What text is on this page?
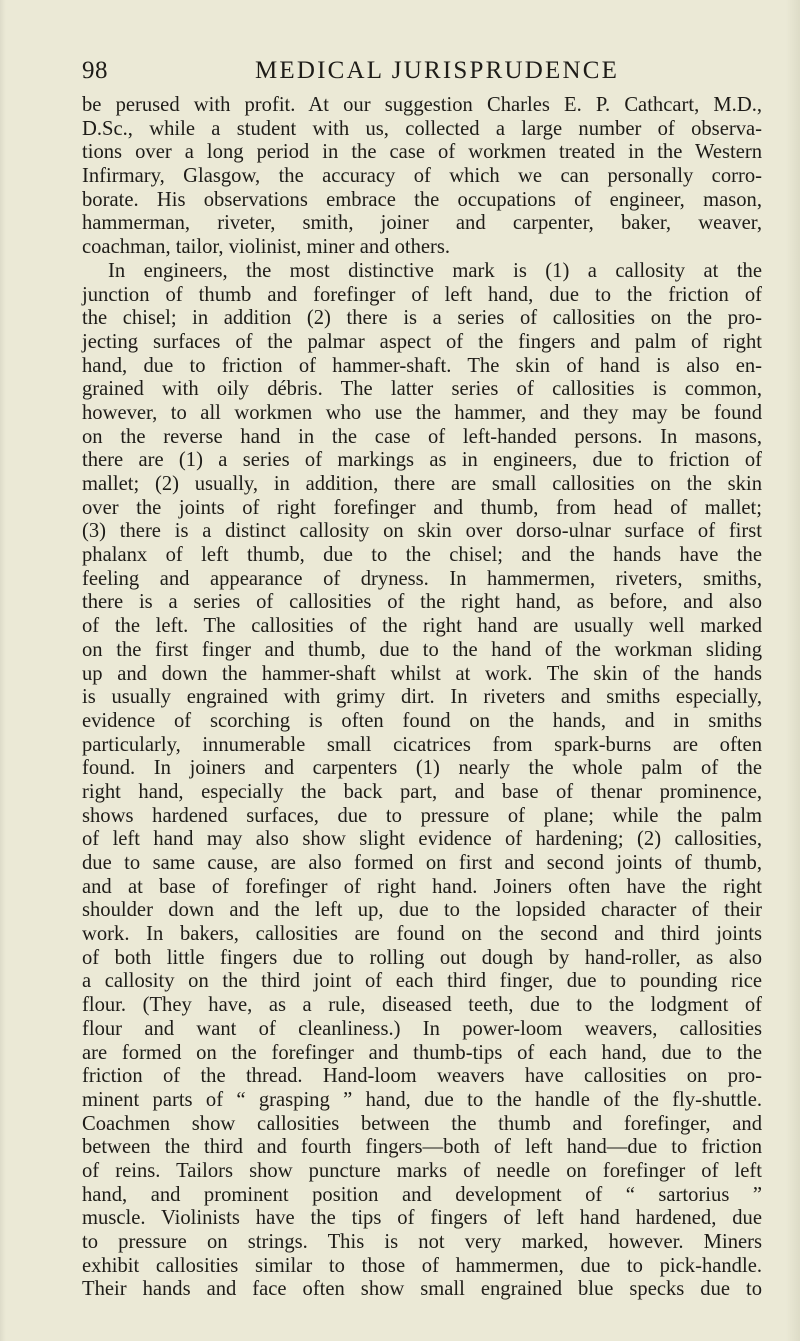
98	MEDICAL JURISPRUDENCE
be perused with profit. At our suggestion Charles E. P. Cathcart, M.D.,
D.Sc., while a student with us, collected a large number of observa-
tions over a long period in the case of workmen treated in the Western
Infirmary, Glasgow, the accuracy of which we can personally corro-
borate. His observations embrace the occupations of engineer, mason,
hammerman, riveter, smith, joiner and carpenter, baker, weaver,
coachman, tailor, violinist, miner and others.
In engineers, the most distinctive mark is (1) a callosity at the
junction of thumb and forefinger of left hand, due to the friction of
the chisel; in addition (2) there is a series of callosities on the pro-
jecting surfaces of the palmar aspect of the fingers and palm of right
hand, due to friction of hammer-shaft. The skin of hand is also en-
grained with oily débris. The latter series of callosities is common,
however, to all workmen who use the hammer, and they may be found
on the reverse hand in the case of left-handed persons. In masons,
there are (1) a series of markings as in engineers, due to friction of
mallet; (2) usually, in addition, there are small callosities on the skin
over the joints of right forefinger and thumb, from head of mallet;
(3) there is a distinct callosity on skin over dorso-ulnar surface of first
phalanx of left thumb, due to the chisel; and the hands have the
feeling and appearance of dryness. In hammermen, riveters, smiths,
there is a series of callosities of the right hand, as before, and also
of the left. The callosities of the right hand are usually well marked
on the first finger and thumb, due to the hand of the workman sliding
up and down the hammer-shaft whilst at work. The skin of the hands
is usually engrained with grimy dirt. In riveters and smiths especially,
evidence of scorching is often found on the hands, and in smiths
particularly, innumerable small cicatrices from spark-burns are often
found. In joiners and carpenters (1) nearly the whole palm of the
right hand, especially the back part, and base of thenar prominence,
shows hardened surfaces, due to pressure of plane; while the palm
of left hand may also show slight evidence of hardening; (2) callosities,
due to same cause, are also formed on first and second joints of thumb,
and at base of forefinger of right hand. Joiners often have the right
shoulder down and the left up, due to the lopsided character of their
work. In bakers, callosities are found on the second and third joints
of both little fingers due to rolling out dough by hand-roller, as also
a callosity on the third joint of each third finger, due to pounding rice
flour. (They have, as a rule, diseased teeth, due to the lodgment of
flour and want of cleanliness.) In power-loom weavers, callosities
are formed on the forefinger and thumb-tips of each hand, due to the
friction of the thread. Hand-loom weavers have callosities on pro-
minent parts of “ grasping ” hand, due to the handle of the fly-shuttle.
Coachmen show callosities between the thumb and forefinger, and
between the third and fourth fingers—both of left hand—due to friction
of reins. Tailors show puncture marks of needle on forefinger of left
hand, and prominent position and development of “ sartorius ”
muscle. Violinists have the tips of fingers of left hand hardened, due
to pressure on strings. This is not very marked, however. Miners
exhibit callosities similar to those of hammermen, due to pick-handle.
Their hands and face often show small engrained blue specks due to
